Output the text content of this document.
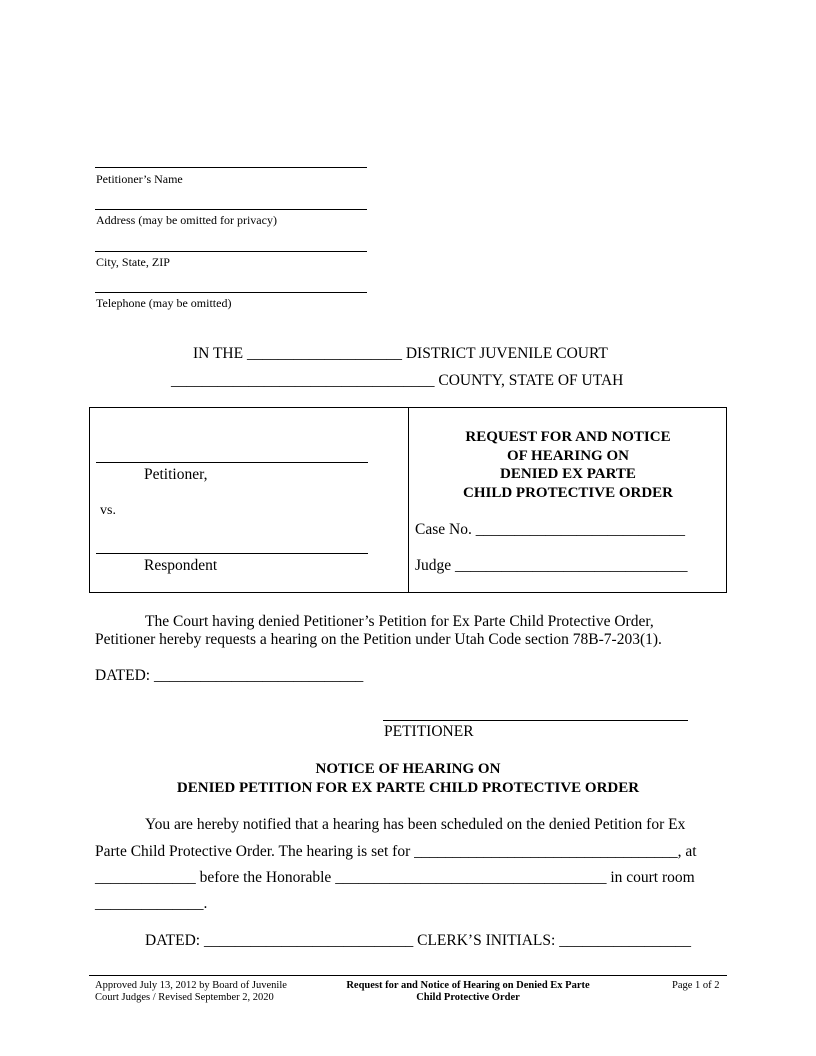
Petitioner’s Name
Address (may be omitted for privacy)
City, State, ZIP
Telephone (may be omitted)
IN THE ____________________ DISTRICT JUVENILE COURT
__________________________________ COUNTY, STATE OF UTAH
Petitioner,
vs.
Respondent
REQUEST FOR AND NOTICE
OF HEARING ON
DENIED EX PARTE
CHILD PROTECTIVE ORDER
Case No. ___________________________
Judge ______________________________
The Court having denied Petitioner’s Petition for Ex Parte Child Protective Order,
Petitioner hereby requests a hearing on the Petition under Utah Code section 78B-7-203(1).
DATED: ___________________________
PETITIONER
NOTICE OF HEARING ON
DENIED PETITION FOR EX PARTE CHILD PROTECTIVE ORDER
You are hereby notified that a hearing has been scheduled on the denied Petition for Ex
Parte Child Protective Order. The hearing is set for __________________________________, at
_____________ before the Honorable ___________________________________ in court room
______________.
DATED: ___________________________ CLERK’S INITIALS: _________________
Approved July 13, 2012 by Board of Juvenile
Court Judges / Revised September 2, 2020
Request for and Notice of Hearing on Denied Ex Parte
Child Protective Order
Page 1 of 2
